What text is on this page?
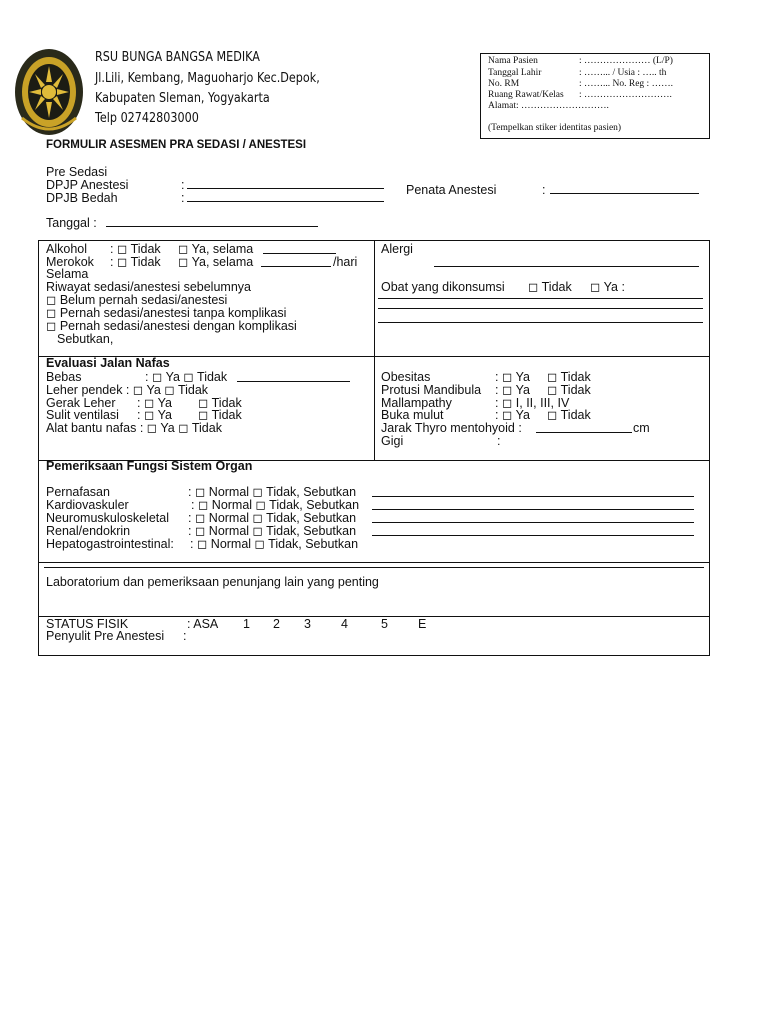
RSU BUNGA BANGSA MEDIKA
Jl.Lili, Kembang, Maguoharjo Kec.Depok,
Kabupaten Sleman, Yogyakarta
Telp 02742803000
Nama Pasien	: ………………… (L/P)
Tanggal Lahir	: ……... / Usia : ….. th
No. RM	: ……... No. Reg : …….
Ruang Rawat/Kelas : ……………………….
Alamat: ……………………….
(Tempelkan stiker identitas pasien)
FORMULIR ASESMEN PRA SEDASI / ANESTESI
Pre Sedasi
DPJP Anestesi	:
DPJB Bedah	:
Penata Anestesi	:
Tanggal :
Alkohol : ◻ Tidak ◻ Ya, selama
Merokok : ◻ Tidak ◻ Ya, selama	/hari
Selama
Riwayat sedasi/anestesi sebelumnya
◻ Belum pernah sedasi/anestesi
◻ Pernah sedasi/anestesi tanpa komplikasi
◻ Pernah sedasi/anestesi dengan komplikasi
Sebutkan,
Alergi
Obat yang dikonsumsi ◻ Tidak ◻ Ya :
Evaluasi Jalan Nafas
Bebas	: ◻ Ya ◻ Tidak
Leher pendek : ◻ Ya ◻ Tidak
Gerak Leher : ◻ Ya ◻ Tidak
Sulit ventilasi : ◻ Ya ◻ Tidak
Alat bantu nafas : ◻ Ya ◻ Tidak
Obesitas	: ◻ Ya ◻ Tidak
Protusi Mandibula : ◻ Ya ◻ Tidak
Mallampathy	: ◻ I, II, III, IV
Buka mulut	: ◻ Ya ◻ Tidak
Jarak Thyro mentohyoid :	cm
Gigi	:
Pemeriksaan Fungsi Sistem Organ
Pernafasan	: ◻ Normal ◻ Tidak, Sebutkan
Kardiovaskuler	: ◻ Normal ◻ Tidak, Sebutkan
Neuromuskuloskeletal : ◻ Normal ◻ Tidak, Sebutkan
Renal/endokrin	: ◻ Normal ◻ Tidak, Sebutkan
Hepatogastrointestinal: : ◻ Normal ◻ Tidak, Sebutkan
Laboratorium dan pemeriksaan penunjang lain yang penting
STATUS FISIK	: ASA 1 2 3 4	5 E
Penyulit Pre Anestesi :
